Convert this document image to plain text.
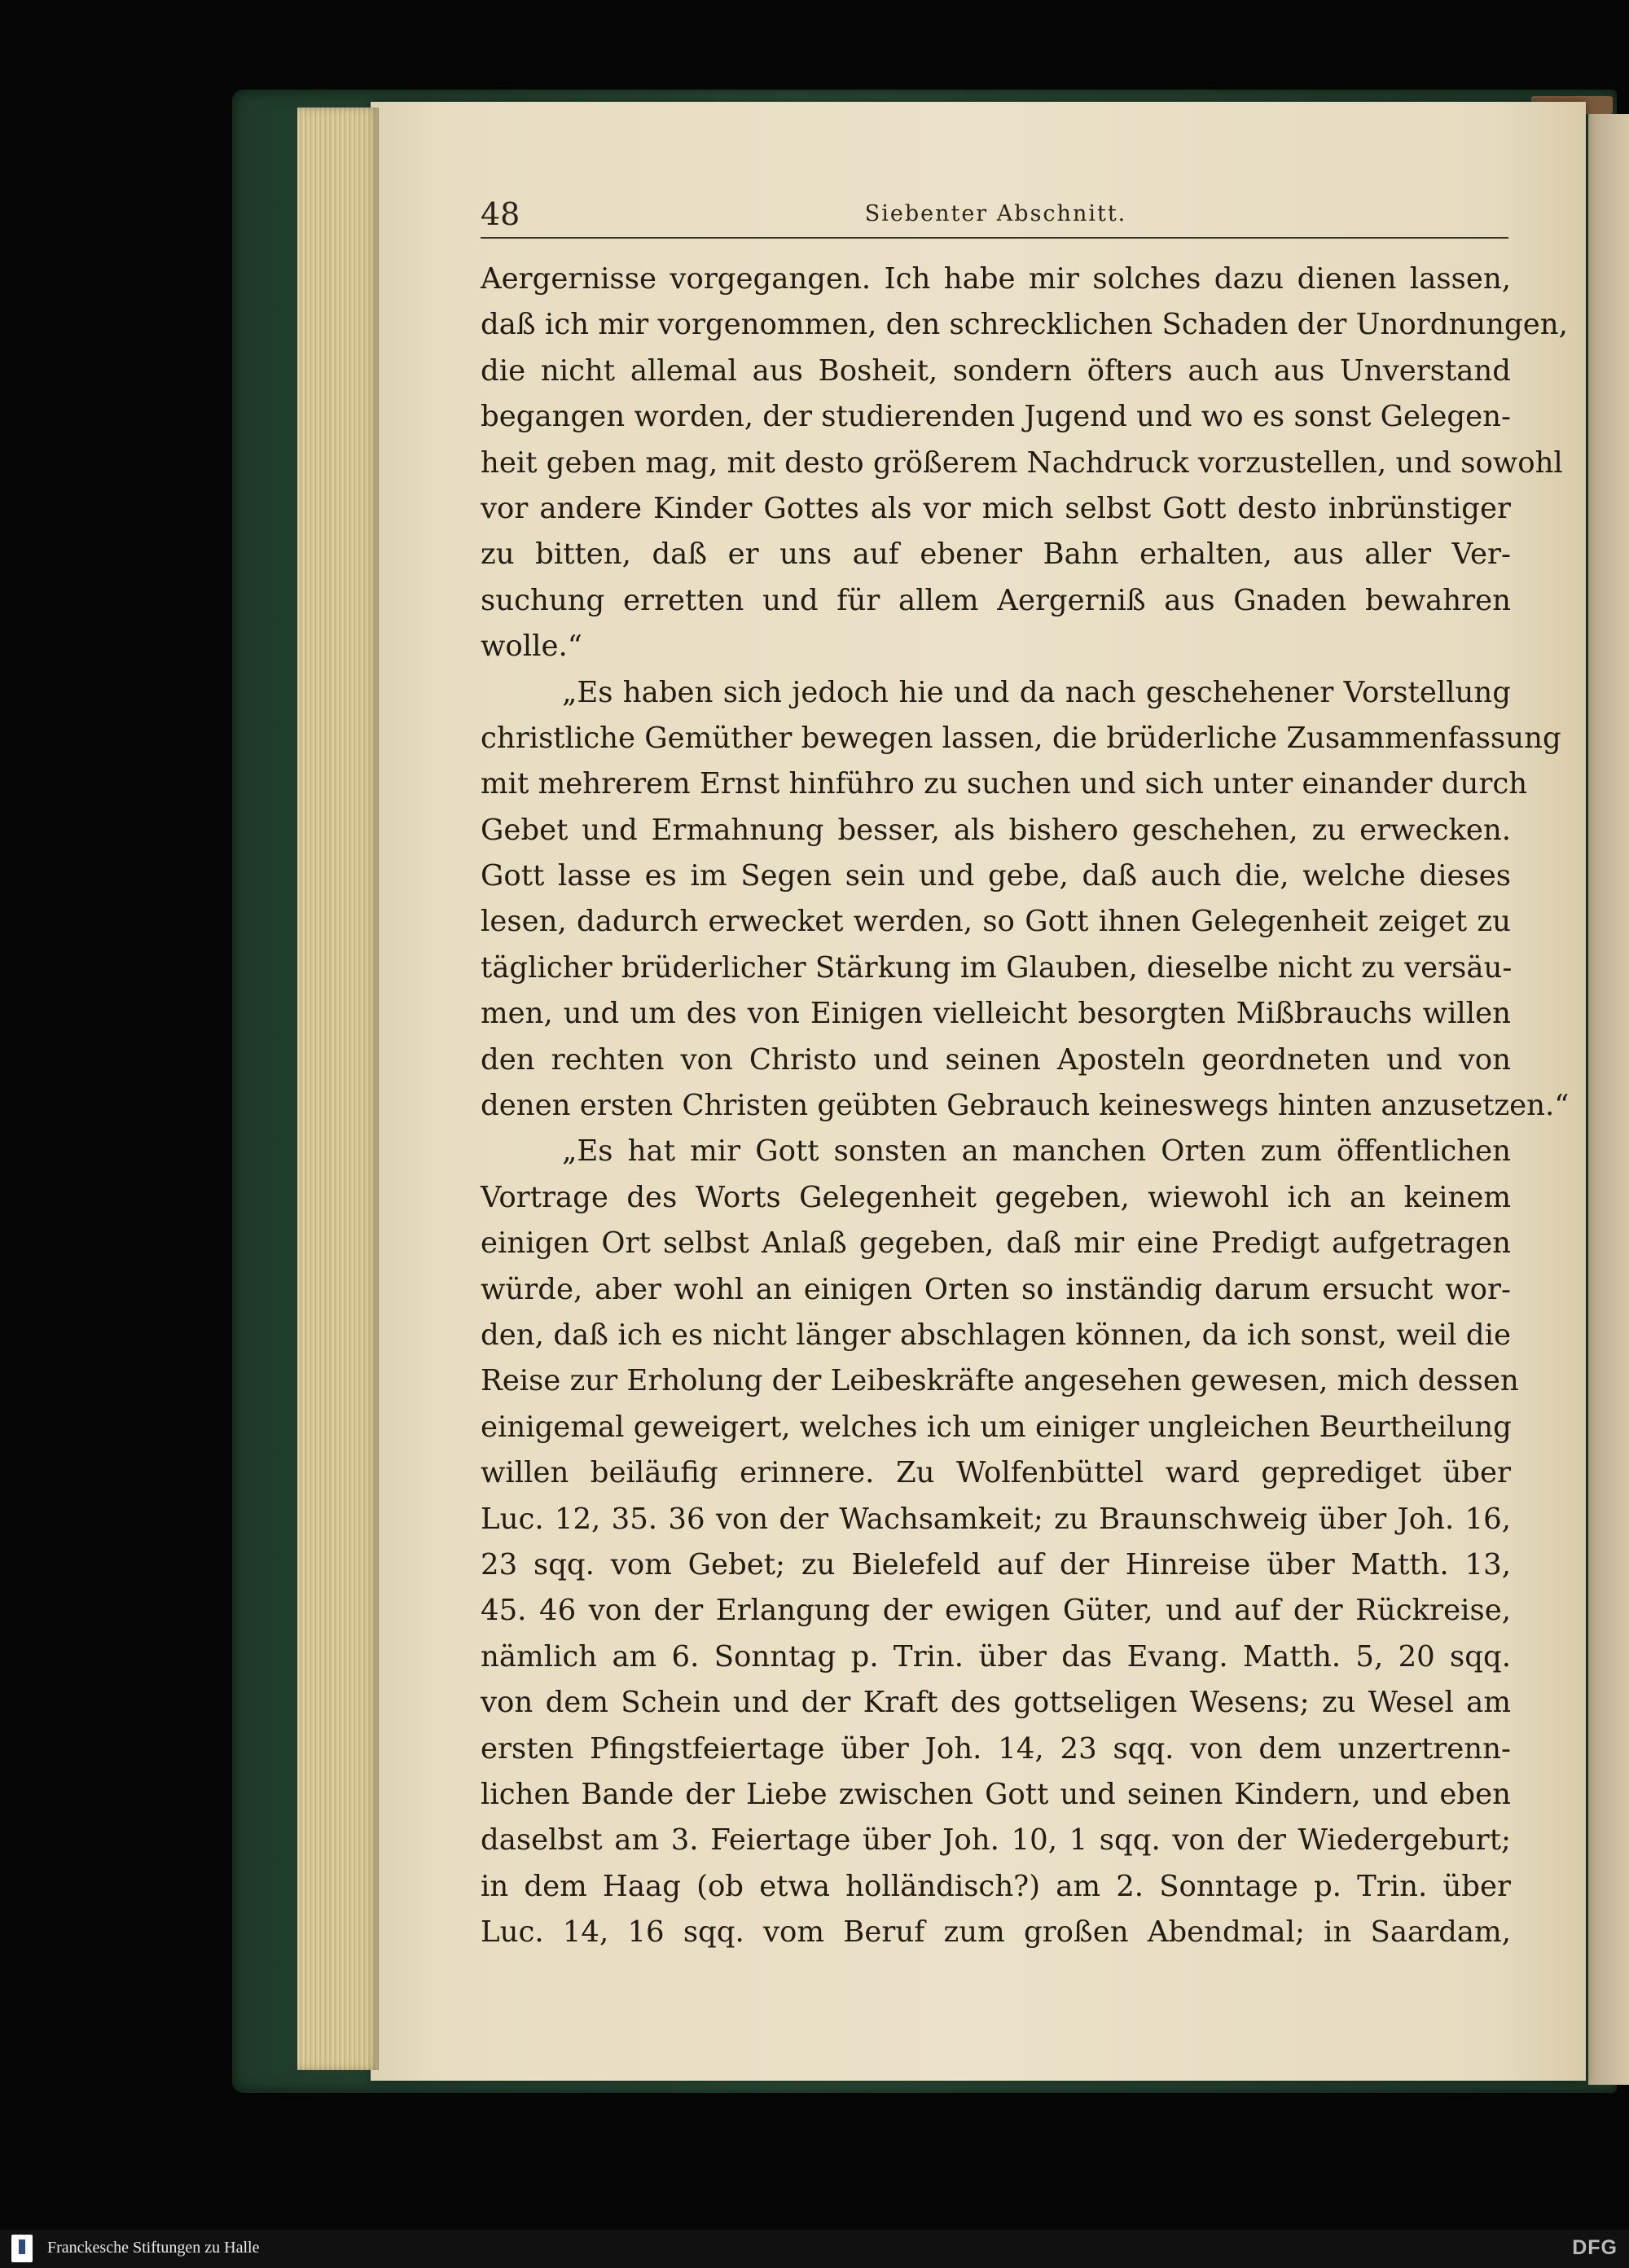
48	Siebenter Abschnitt.
Aergernisse vorgegangen. Ich habe mir solches dazu dienen lassen,
daß ich mir vorgenommen, den schrecklichen Schaden der Unordnungen,
die nicht allemal aus Bosheit, sondern öfters auch aus Unverstand
begangen worden, der studierenden Jugend und wo es sonst Gelegen-
heit geben mag, mit desto größerem Nachdruck vorzustellen, und sowohl
vor andere Kinder Gottes als vor mich selbst Gott desto inbrünstiger
zu bitten, daß er uns auf ebener Bahn erhalten, aus aller Ver-
suchung erretten und für allem Aergerniß aus Gnaden bewahren
wolle.“
„Es haben sich jedoch hie und da nach geschehener Vorstellung
christliche Gemüther bewegen lassen, die brüderliche Zusammenfassung
mit mehrerem Ernst hinführo zu suchen und sich unter einander durch
Gebet und Ermahnung besser, als bishero geschehen, zu erwecken.
Gott lasse es im Segen sein und gebe, daß auch die, welche dieses
lesen, dadurch erwecket werden, so Gott ihnen Gelegenheit zeiget zu
täglicher brüderlicher Stärkung im Glauben, dieselbe nicht zu versäu-
men, und um des von Einigen vielleicht besorgten Mißbrauchs willen
den rechten von Christo und seinen Aposteln geordneten und von
denen ersten Christen geübten Gebrauch keineswegs hinten anzusetzen.“
„Es hat mir Gott sonsten an manchen Orten zum öffentlichen
Vortrage des Worts Gelegenheit gegeben, wiewohl ich an keinem
einigen Ort selbst Anlaß gegeben, daß mir eine Predigt aufgetragen
würde, aber wohl an einigen Orten so inständig darum ersucht wor-
den, daß ich es nicht länger abschlagen können, da ich sonst, weil die
Reise zur Erholung der Leibeskräfte angesehen gewesen, mich dessen
einigemal geweigert, welches ich um einiger ungleichen Beurtheilung
willen beiläufig erinnere. Zu Wolfenbüttel ward geprediget über
Luc. 12, 35. 36 von der Wachsamkeit; zu Braunschweig über Joh. 16,
23 sqq. vom Gebet; zu Bielefeld auf der Hinreise über Matth. 13,
45. 46 von der Erlangung der ewigen Güter, und auf der Rückreise,
nämlich am 6. Sonntag p. Trin. über das Evang. Matth. 5, 20 sqq.
von dem Schein und der Kraft des gottseligen Wesens; zu Wesel am
ersten Pfingstfeiertage über Joh. 14, 23 sqq. von dem unzertrenn-
lichen Bande der Liebe zwischen Gott und seinen Kindern, und eben
daselbst am 3. Feiertage über Joh. 10, 1 sqq. von der Wiedergeburt;
in dem Haag (ob etwa holländisch?) am 2. Sonntage p. Trin. über
Luc. 14, 16 sqq. vom Beruf zum großen Abendmal; in Saardam,
Franckesche Stiftungen zu Halle	DFG
